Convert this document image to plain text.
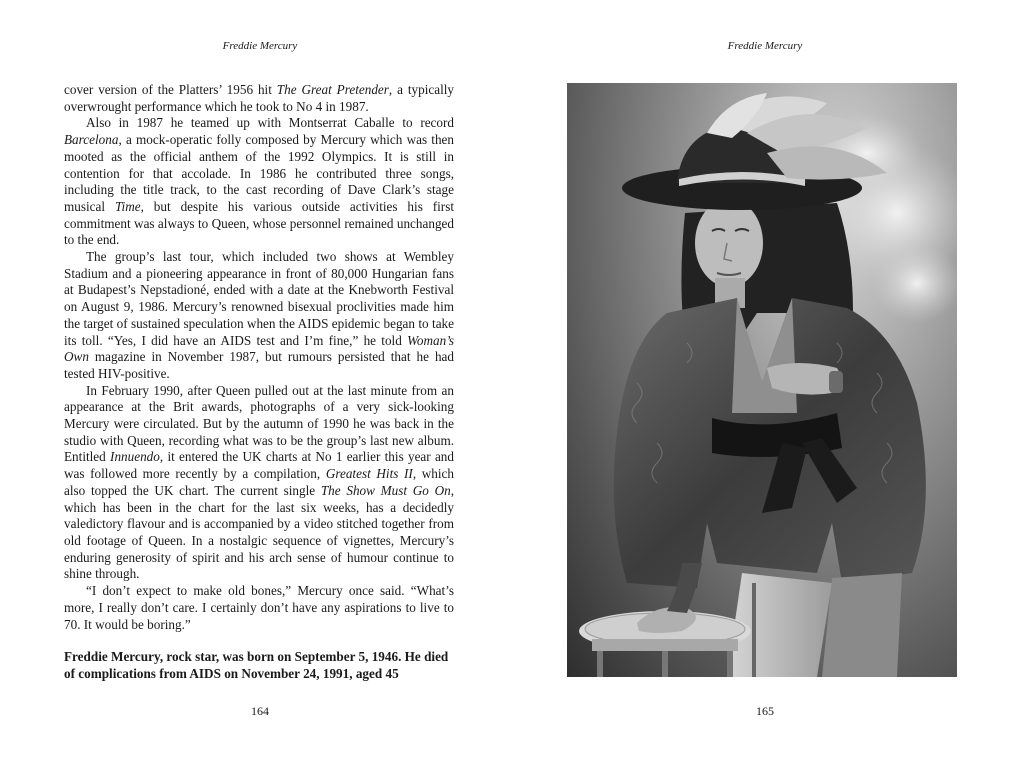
Freddie Mercury

cover version of the Platters’ 1956 hit The Great Pretender, a typically overwrought performance which he took to No 4 in 1987.

Also in 1987 he teamed up with Montserrat Caballe to record Barcelona, a mock-operatic folly composed by Mercury which was then mooted as the official anthem of the 1992 Olympics. It is still in contention for that accolade. In 1986 he contributed three songs, including the title track, to the cast recording of Dave Clark’s stage musical Time, but despite his various outside activities his first commitment was always to Queen, whose personnel remained unchanged to the end.

The group’s last tour, which included two shows at Wembley Stadium and a pioneering appearance in front of 80,000 Hungarian fans at Budapest’s Nepstadioné, ended with a date at the Knebworth Festival on August 9, 1986. Mercury’s renowned bisexual proclivities made him the target of sustained speculation when the AIDS epidemic began to take its toll. “Yes, I did have an AIDS test and I’m fine,” he told Woman’s Own magazine in November 1987, but rumours persisted that he had tested HIV-positive.

In February 1990, after Queen pulled out at the last minute from an appearance at the Brit awards, photographs of a very sick-looking Mercury were circulated. But by the autumn of 1990 he was back in the studio with Queen, recording what was to be the group’s last new album. Entitled Innuendo, it entered the UK charts at No 1 earlier this year and was followed more recently by a compilation, Greatest Hits II, which also topped the UK chart. The current single The Show Must Go On, which has been in the chart for the last six weeks, has a decidedly valedictory flavour and is accompanied by a video stitched together from old footage of Queen. In a nostalgic sequence of vignettes, Mercury’s enduring generosity of spirit and his arch sense of humour continue to shine through.

“I don’t expect to make old bones,” Mercury once said. “What’s more, I really don’t care. I certainly don’t have any aspirations to live to 70. It would be boring.”

Freddie Mercury, rock star, was born on September 5, 1946. He died of complications from AIDS on November 24, 1991, aged 45

164
Freddie Mercury
165
